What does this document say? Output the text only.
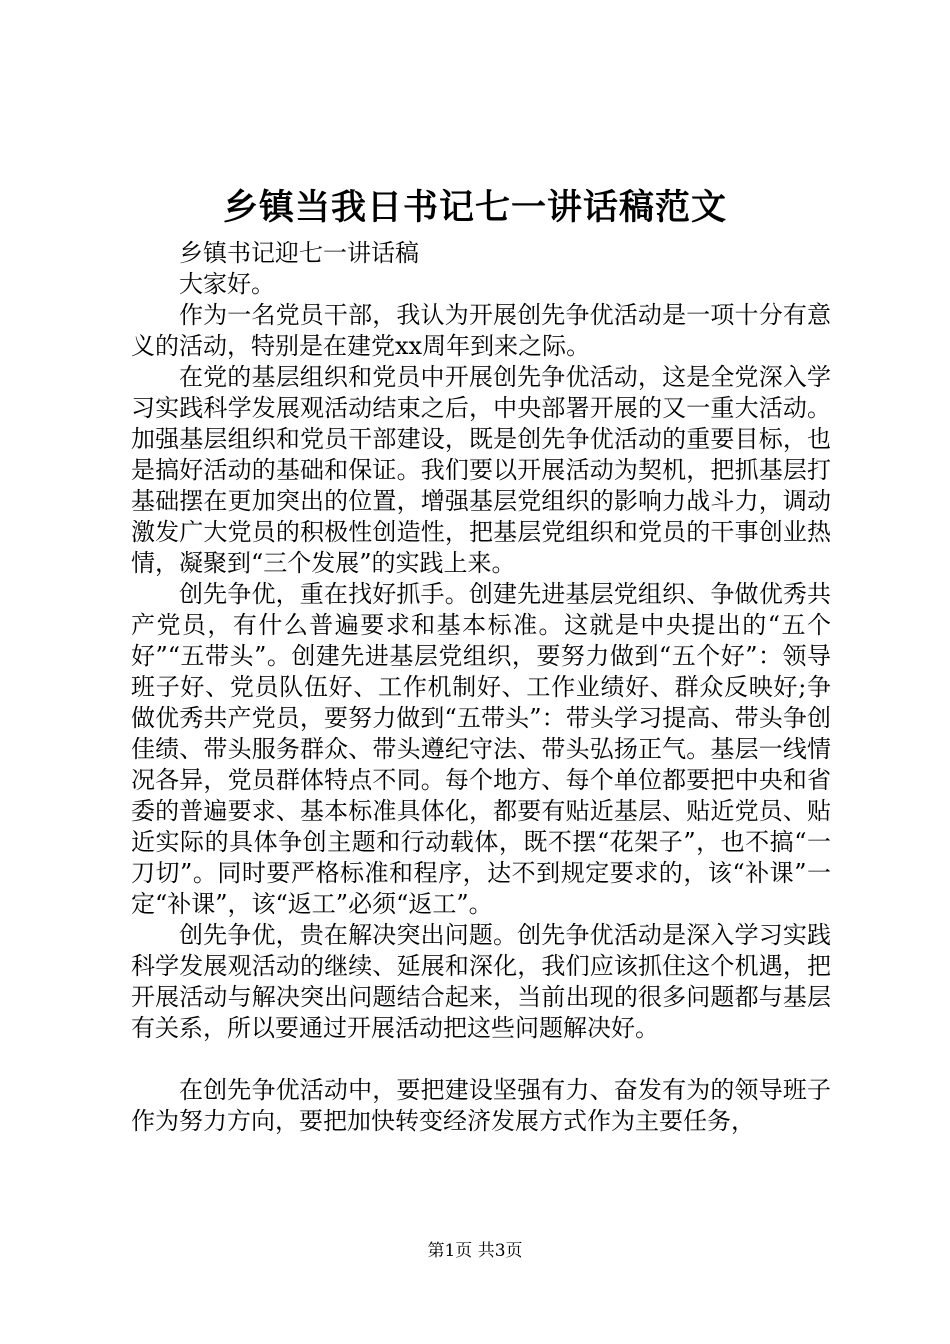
乡镇当我日书记七一讲话稿范文

乡镇书记迎七一讲话稿

大家好。

作为一名党员干部，我认为开展创先争优活动是一项十分有意义的活动，特别是在建党xx周年到来之际。

在党的基层组织和党员中开展创先争优活动，这是全党深入学习实践科学发展观活动结束之后，中央部署开展的又一重大活动。加强基层组织和党员干部建设，既是创先争优活动的重要目标，也是搞好活动的基础和保证。我们要以开展活动为契机，把抓基层打基础摆在更加突出的位置，增强基层党组织的影响力战斗力，调动激发广大党员的积极性创造性，把基层党组织和党员的干事创业热情，凝聚到“三个发展”的实践上来。

创先争优，重在找好抓手。创建先进基层党组织、争做优秀共产党员，有什么普遍要求和基本标准。这就是中央提出的“五个好”“五带头”。创建先进基层党组织，要努力做到“五个好”：领导班子好、党员队伍好、工作机制好、工作业绩好、群众反映好;争做优秀共产党员，要努力做到“五带头”：带头学习提高、带头争创佳绩、带头服务群众、带头遵纪守法、带头弘扬正气。基层一线情况各异，党员群体特点不同。每个地方、每个单位都要把中央和省委的普遍要求、基本标准具体化，都要有贴近基层、贴近党员、贴近实际的具体争创主题和行动载体，既不摆“花架子”，也不搞“一刀切”。同时要严格标准和程序，达不到规定要求的，该“补课”一定“补课”，该“返工”必须“返工”。

创先争优，贵在解决突出问题。创先争优活动是深入学习实践科学发展观活动的继续、延展和深化，我们应该抓住这个机遇，把开展活动与解决突出问题结合起来，当前出现的很多问题都与基层有关系，所以要通过开展活动把这些问题解决好。

在创先争优活动中，要把建设坚强有力、奋发有为的领导班子作为努力方向，要把加快转变经济发展方式作为主要任务，

第1页 共3页
